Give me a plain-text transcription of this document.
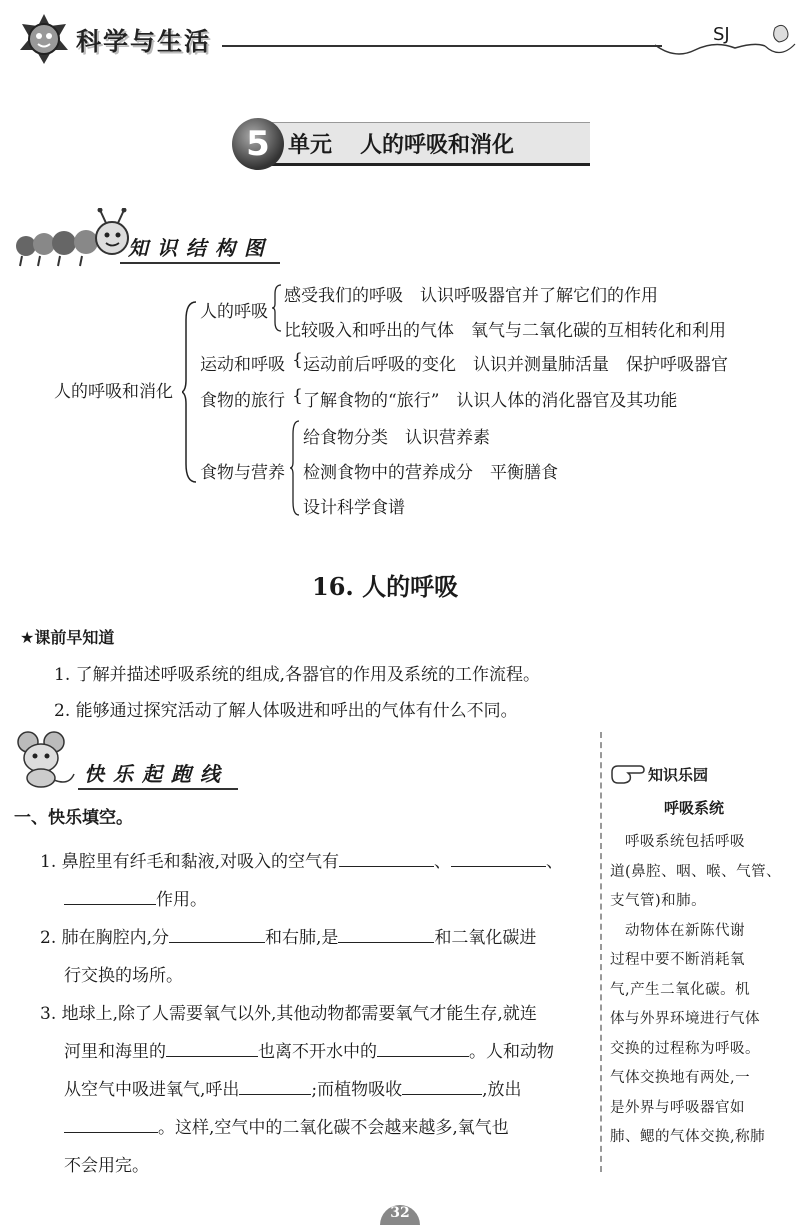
科学与生活	SJ
5 单元 人的呼吸和消化
知识结构图
人的呼吸和消化
人的呼吸
感受我们的呼吸　认识呼吸器官并了解它们的作用
比较吸入和呼出的气体　氧气与二氧化碳的互相转化和利用
运动和呼吸 { 运动前后呼吸的变化　认识并测量肺活量　保护呼吸器官
食物的旅行 { 了解食物的“旅行”　认识人体的消化器官及其功能
食物与营养
给食物分类　认识营养素
检测食物中的营养成分　平衡膳食
设计科学食谱
16. 人的呼吸
★课前早知道
1. 了解并描述呼吸系统的组成,各器官的作用及系统的工作流程。
2. 能够通过探究活动了解人体吸进和呼出的气体有什么不同。
快乐起跑线
一、快乐填空。
1. 鼻腔里有纤毛和黏液,对吸入的空气有	、	、
作用。
2. 肺在胸腔内,分	和右肺,是	和二氧化碳进
行交换的场所。
3. 地球上,除了人需要氧气以外,其他动物都需要氧气才能生存,就连
河里和海里的	也离不开水中的	。人和动物
从空气中吸进氧气,呼出	;而植物吸收	,放出
。这样,空气中的二氧化碳不会越来越多,氧气也
不会用完。
知识乐园
呼吸系统
　呼吸系统包括呼吸
道(鼻腔、咽、喉、气管、
支气管)和肺。
　动物体在新陈代谢
过程中要不断消耗氧
气,产生二氧化碳。机
体与外界环境进行气体
交换的过程称为呼吸。
气体交换地有两处,一
是外界与呼吸器官如
肺、鳃的气体交换,称肺
32
